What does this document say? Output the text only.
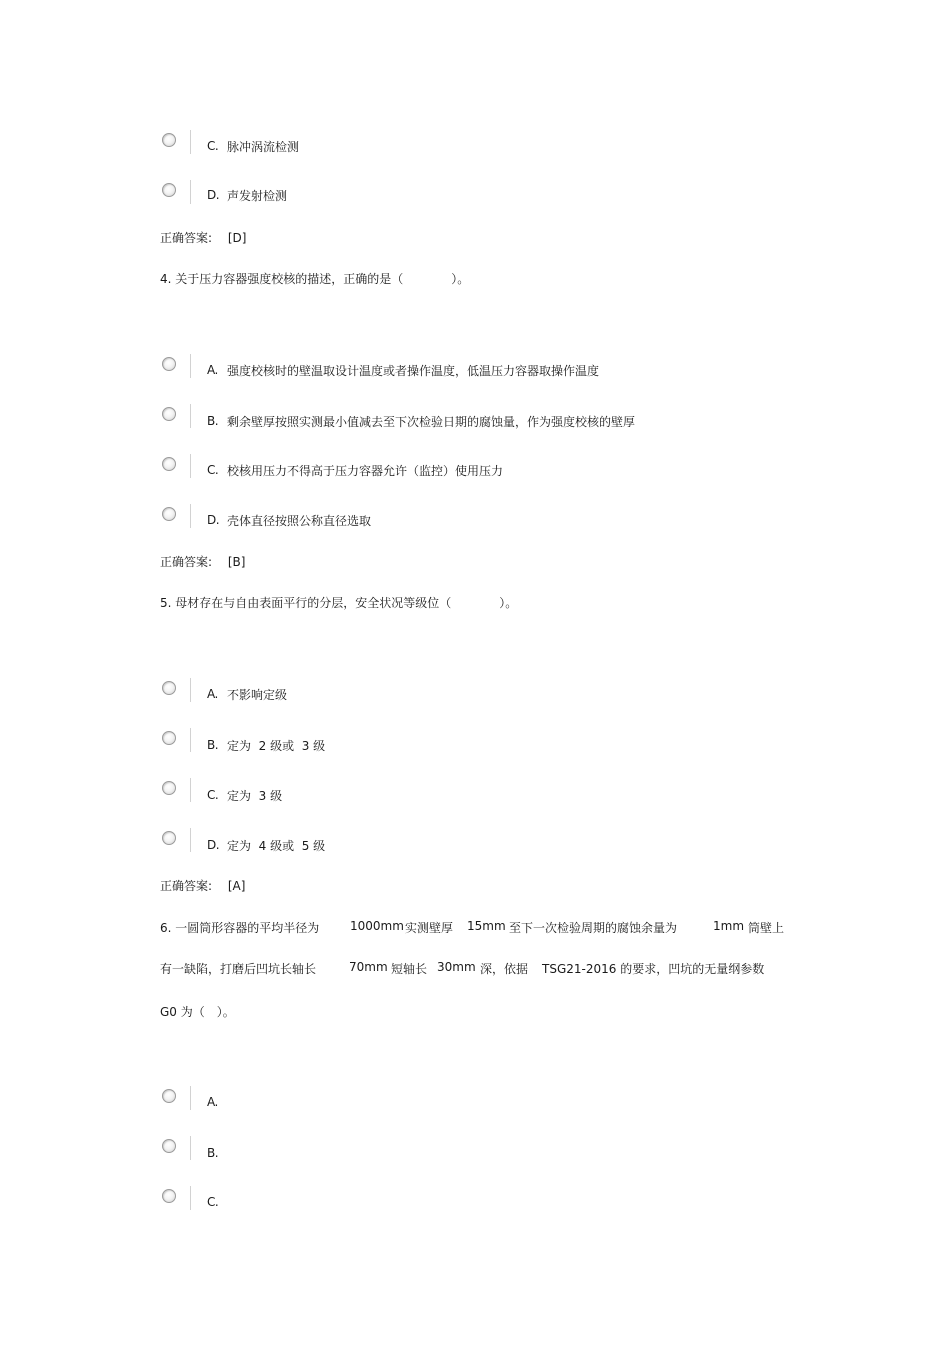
C. 脉冲涡流检测
D. 声发射检测
正确答案: [D]
4. 关于压力容器强度校核的描述，正确的是（　　　　）。
A. 强度校核时的壁温取设计温度或者操作温度，低温压力容器取操作温度
B. 剩余壁厚按照实测最小值减去至下次检验日期的腐蚀量，作为强度校核的壁厚
C. 校核用压力不得高于压力容器允许（监控）使用压力
D. 壳体直径按照公称直径选取
正确答案: [B]
5. 母材存在与自由表面平行的分层，安全状况等级位（　　　　）。
A. 不影响定级
B. 定为  2 级或  3 级
C. 定为  3 级
D. 定为  4 级或  5 级
正确答案: [A]
6. 一圆筒形容器的平均半径为	1000mm 实测壁厚 15mm 至下一次检验周期的腐蚀余量为	1mm 筒壁上
有一缺陷，打磨后凹坑长轴长	70mm 短轴长 30mm 深，依据 TSG21-2016 的要求，凹坑的无量纲参数
G0 为（　）。
A.
B.
C.
